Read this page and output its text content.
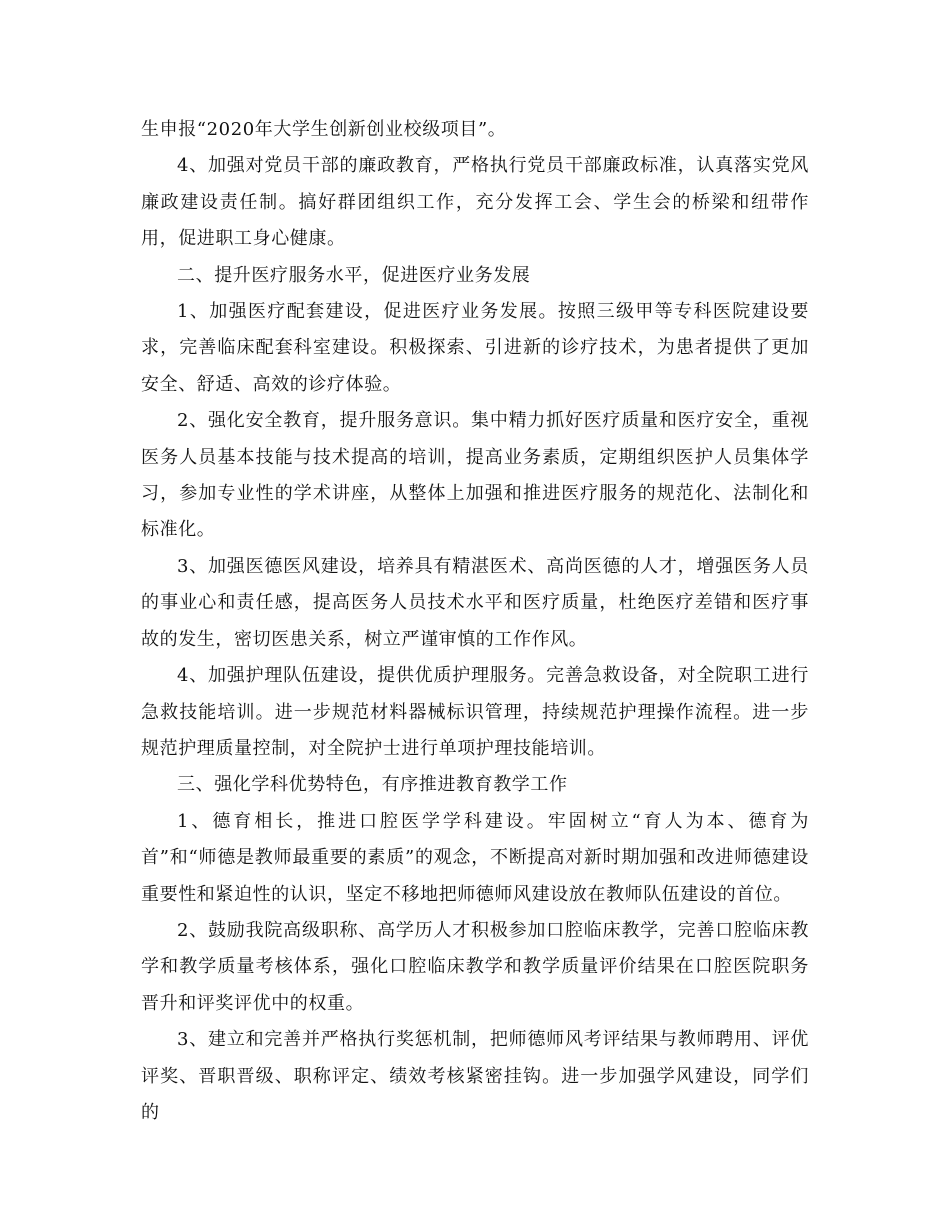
生申报“2020年大学生创新创业校级项目”。

4、加强对党员干部的廉政教育，严格执行党员干部廉政标准，认真落实党风廉政建设责任制。搞好群团组织工作，充分发挥工会、学生会的桥梁和纽带作用，促进职工身心健康。

二、提升医疗服务水平，促进医疗业务发展

1、加强医疗配套建设，促进医疗业务发展。按照三级甲等专科医院建设要求，完善临床配套科室建设。积极探索、引进新的诊疗技术，为患者提供了更加安全、舒适、高效的诊疗体验。

2、强化安全教育，提升服务意识。集中精力抓好医疗质量和医疗安全，重视医务人员基本技能与技术提高的培训，提高业务素质，定期组织医护人员集体学习，参加专业性的学术讲座，从整体上加强和推进医疗服务的规范化、法制化和标准化。

3、加强医德医风建设，培养具有精湛医术、高尚医德的人才，增强医务人员的事业心和责任感，提高医务人员技术水平和医疗质量，杜绝医疗差错和医疗事故的发生，密切医患关系，树立严谨审慎的工作作风。

4、加强护理队伍建设，提供优质护理服务。完善急救设备，对全院职工进行急救技能培训。进一步规范材料器械标识管理，持续规范护理操作流程。进一步规范护理质量控制，对全院护士进行单项护理技能培训。

三、强化学科优势特色，有序推进教育教学工作

1、德育相长，推进口腔医学学科建设。牢固树立“育人为本、德育为首”和“师德是教师最重要的素质”的观念，不断提高对新时期加强和改进师德建设重要性和紧迫性的认识，坚定不移地把师德师风建设放在教师队伍建设的首位。

2、鼓励我院高级职称、高学历人才积极参加口腔临床教学，完善口腔临床教学和教学质量考核体系，强化口腔临床教学和教学质量评价结果在口腔医院职务晋升和评奖评优中的权重。

3、建立和完善并严格执行奖惩机制，把师德师风考评结果与教师聘用、评优评奖、晋职晋级、职称评定、绩效考核紧密挂钩。进一步加强学风建设，同学们的
